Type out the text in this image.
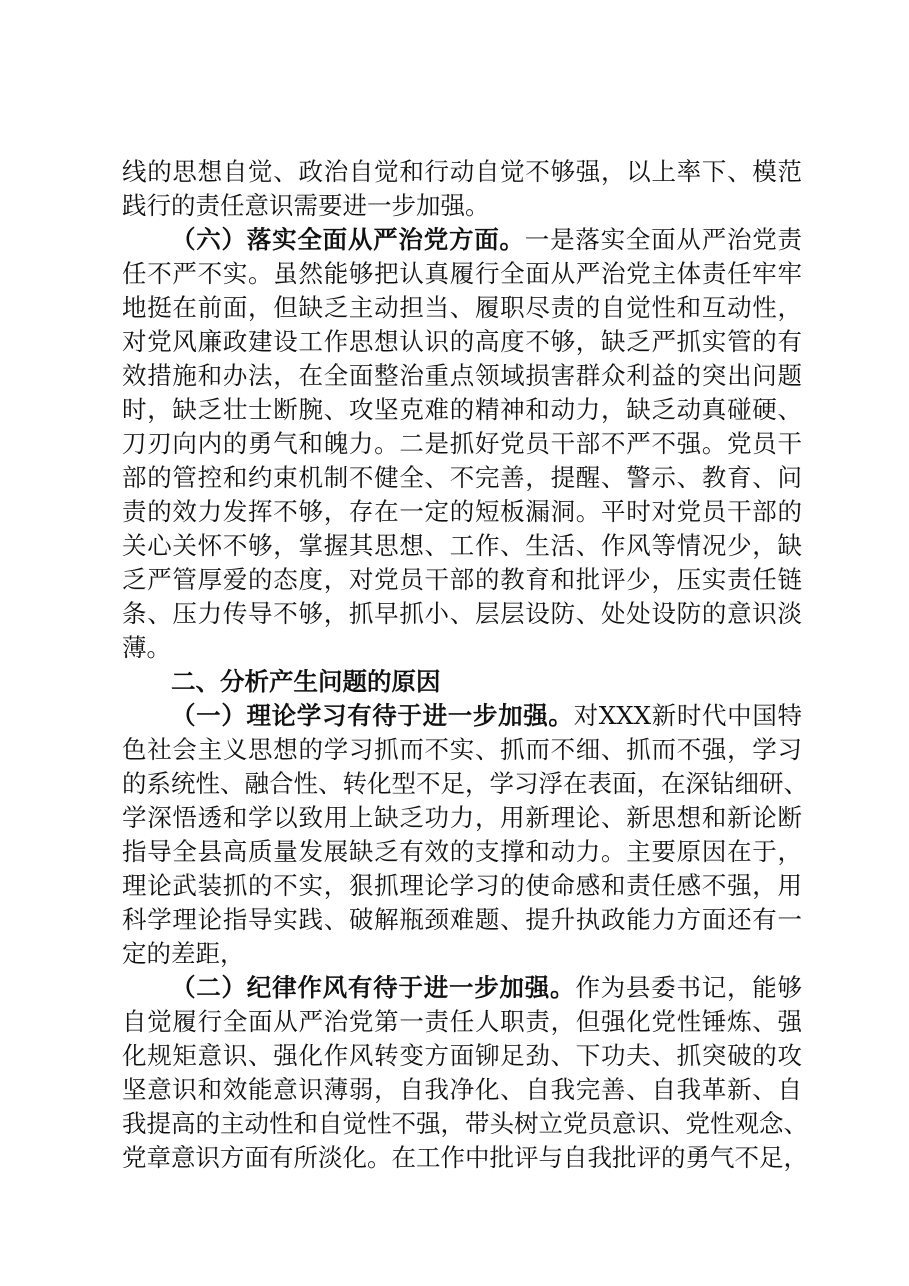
线的思想自觉、政治自觉和行动自觉不够强，以上率下、模范
践行的责任意识需要进一步加强。
（六）落实全面从严治党方面。一是落实全面从严治党责
任不严不实。虽然能够把认真履行全面从严治党主体责任牢牢
地挺在前面，但缺乏主动担当、履职尽责的自觉性和互动性，
对党风廉政建设工作思想认识的高度不够，缺乏严抓实管的有
效措施和办法，在全面整治重点领域损害群众利益的突出问题
时，缺乏壮士断腕、攻坚克难的精神和动力，缺乏动真碰硬、
刀刃向内的勇气和魄力。二是抓好党员干部不严不强。党员干
部的管控和约束机制不健全、不完善，提醒、警示、教育、问
责的效力发挥不够，存在一定的短板漏洞。平时对党员干部的
关心关怀不够，掌握其思想、工作、生活、作风等情况少，缺
乏严管厚爱的态度，对党员干部的教育和批评少，压实责任链
条、压力传导不够，抓早抓小、层层设防、处处设防的意识淡
薄。
二、分析产生问题的原因
（一）理论学习有待于进一步加强。对XXX新时代中国特
色社会主义思想的学习抓而不实、抓而不细、抓而不强，学习
的系统性、融合性、转化型不足，学习浮在表面，在深钻细研、
学深悟透和学以致用上缺乏功力，用新理论、新思想和新论断
指导全县高质量发展缺乏有效的支撑和动力。主要原因在于，
理论武装抓的不实，狠抓理论学习的使命感和责任感不强，用
科学理论指导实践、破解瓶颈难题、提升执政能力方面还有一
定的差距，
（二）纪律作风有待于进一步加强。作为县委书记，能够
自觉履行全面从严治党第一责任人职责，但强化党性锤炼、强
化规矩意识、强化作风转变方面铆足劲、下功夫、抓突破的攻
坚意识和效能意识薄弱，自我净化、自我完善、自我革新、自
我提高的主动性和自觉性不强，带头树立党员意识、党性观念、
党章意识方面有所淡化。在工作中批评与自我批评的勇气不足，
